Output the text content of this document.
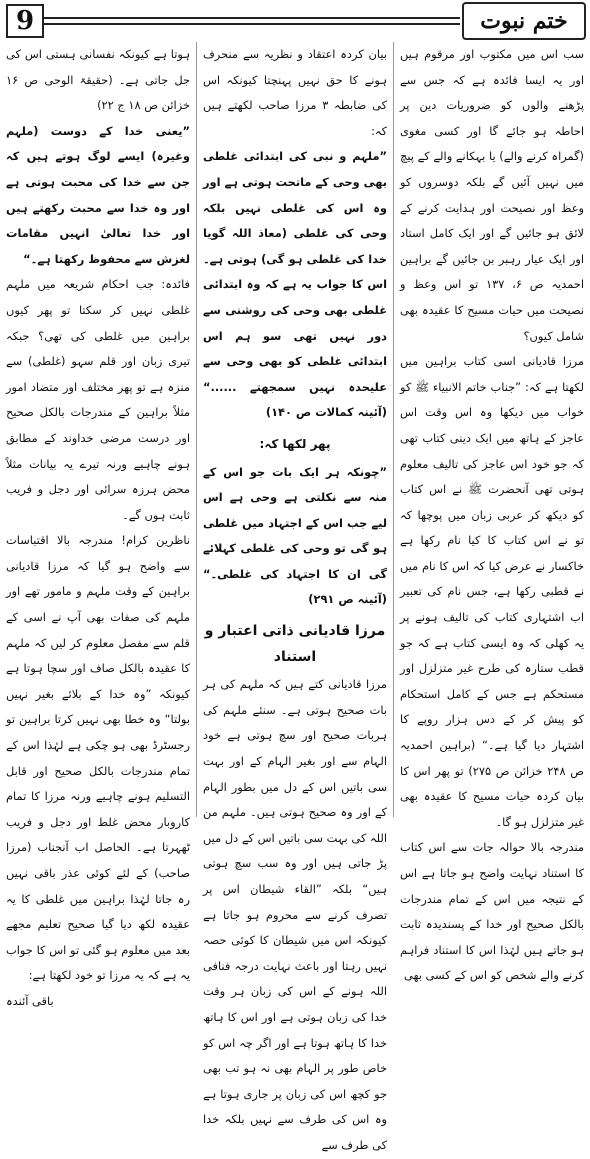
9	ختم نبوت

سب اس میں مکتوب اور مرقوم ہیں اور یہ ایسا فائدہ ہے کہ جس سے پڑھنے والوں کو ضروریات دین پر احاطہ ہو جائے گا اور کسی مغوی (گمراہ کرنے والے) یا بہکانے والے کے پیچ میں نہیں آئیں گے بلکہ دوسروں کو وعظ اور نصیحت اور ہدایت کرنے کے لائق ہو جائیں گے اور ایک کامل استاد اور ایک عیار رہبر بن جائیں گے براہین احمدیہ ص ۶، ۱۳۷ تو اس وعظ و نصیحت میں حیات مسیح کا عقیدہ بھی شامل کیوں؟

مرزا قادیانی اسی کتاب براہین میں لکھتا ہے کہ: ”جناب خاتم الانبیاء ﷺ کو خواب میں دیکھا وہ اس وقت اس عاجز کے ہاتھ میں ایک دینی کتاب تھی کہ جو خود اس عاجز کی تالیف معلوم ہوتی تھی آنحضرت ﷺ نے اس کتاب کو دیکھ کر عربی زبان میں پوچھا کہ تو نے اس کتاب کا کیا نام رکھا ہے خاکسار نے عرض کیا کہ اس کا نام میں نے قطبی رکھا ہے، جس نام کی تعبیر اب اشتہاری کتاب کی تالیف ہونے پر یہ کھلی کہ وہ ایسی کتاب ہے کہ جو قطب ستارہ کی طرح غیر متزلزل اور مستحکم ہے جس کے کامل استحکام کو پیش کر کے دس ہزار روپے کا اشتہار دیا گیا ہے۔“ (براہین احمدیہ ص ۲۴۸ خزائن ص ۲۷۵) تو پھر اس کا بیان کردہ حیات مسیح کا عقیدہ بھی غیر متزلزل ہو گا۔

مندرجہ بالا حوالہ جات سے اس کتاب کا استناد نہایت واضح ہو جاتا ہے اس کے نتیجہ میں اس کے تمام مندرجات بالکل صحیح اور خدا کے پسندیدہ ثابت ہو جاتے ہیں لہٰذا اس کا استناد فراہم کرنے والے شخص کو اس کے کسی بھی

بیان کردہ اعتقاد و نظریہ سے منحرف ہونے کا حق نہیں پہنچتا کیونکہ اس کی ضابطہ ۳ مرزا صاحب لکھتے ہیں کہ:

”ملہم و نبی کی ابتدائی غلطی بھی وحی کے ماتحت ہوتی ہے اور وہ اس کی غلطی نہیں بلکہ وحی کی غلطی (معاذ اللہ گویا خدا کی غلطی ہو گی) ہوتی ہے۔ اس کا جواب یہ ہے کہ وہ ابتدائی غلطی بھی وحی کی روشنی سے دور نہیں تھی سو ہم اس ابتدائی غلطی کو بھی وحی سے علیحدہ نہیں سمجھتے ......“ (آئینہ کمالات ص ۱۴۰)

پھر لکھا کہ:

”چونکہ ہر ایک بات جو اس کے منہ سے نکلتی ہے وحی ہے اس لیے جب اس کے اجتہاد میں غلطی ہو گی تو وحی کی غلطی کہلائے گی ان کا اجتہاد کی غلطی۔“ (آئینہ ص ۲۹۱)

مرزا قادیانی ذاتی اعتبار و استناد

مرزا قادیانی کتے ہیں کہ ملہم کی ہر بات صحیح ہوتی ہے۔ سنئے ملہم کی ہربات صحیح اور سچ ہوتی ہے خود الہام سے اور بغیر الہام کے اور بہت سی باتیں اس کے دل میں بطور الہام کے اور وہ صحیح ہوتی ہیں۔ ملہم من اللہ کی بہت سی باتیں اس کے دل میں پڑ جاتی ہیں اور وہ سب سچ ہوتی ہیں“ بلکہ ”القاء شیطان اس پر تصرف کرنے سے محروم ہو جاتا ہے کیونکہ اس میں شیطان کا کوئی حصہ نہیں رہتا اور باعث نہایت درجہ فنافی اللہ ہونے کے اس کی زبان ہر وقت خدا کی زبان ہوتی ہے اور اس کا ہاتھ خدا کا ہاتھ ہوتا ہے اور اگر چہ اس کو خاص طور پر الہام بھی نہ ہو تب بھی جو کچھ اس کی زبان پر جاری ہوتا ہے وہ اس کی طرف سے نہیں بلکہ خدا کی طرف سے

ہوتا ہے کیونکہ نفسانی ہستی اس کی جل جاتی ہے۔ (حقیقۃ الوحی ص ۱۶ خزائن ص ۱۸ ج ۲۲)

”یعنی خدا کے دوست (ملہم وغیرہ) ایسے لوگ ہوتے ہیں کہ جن سے خدا کی محبت ہوتی ہے اور وہ خدا سے محبت رکھتے ہیں اور خدا تعالیٰ انہیں مقامات لغزش سے محفوظ رکھتا ہے۔“

فائدہ: جب احکام شریعہ میں ملہم غلطی نہیں کر سکتا تو پھر کیوں براہین میں غلطی کی تھی؟ جبکہ تیری زبان اور قلم سہو (غلطی) سے منزہ ہے تو پھر مختلف اور متضاد امور مثلاً براہین کے مندرجات بالکل صحیح اور درست مرضی خداوند کے مطابق ہونے چاہیے ورنہ تیرے یہ بیانات مثلاً محض ہرزہ سرائی اور دجل و فریب ثابت ہوں گے۔

ناظرین کرام! مندرجہ بالا اقتباسات سے واضح ہو گیا کہ مرزا قادیانی براہین کے وقت ملہم و مامور تھے اور ملہم کی صفات بھی آپ نے اسی کے قلم سے مفصل معلوم کر لیں کہ ملہم کا عقیدہ بالکل صاف اور سچا ہوتا ہے کیونکہ ”وہ خدا کے بلائے بغیر نہیں بولتا“ وہ خطا بھی نہیں کرتا براہین تو رجسٹرڈ بھی ہو چکی ہے لہٰذا اس کے تمام مندرجات بالکل صحیح اور قابل التسلیم ہونے چاہیے ورنہ مرزا کا تمام کاروبار محض غلط اور دجل و فریب ٹھہرتا ہے۔ الحاصل اب آنجناب (مرزا صاحب) کے لئے کوئی عذر باقی نہیں رہ جاتا لہٰذا براہین میں غلطی کا یہ عقیدہ لکھ دیا گیا صحیح تعلیم مجھے بعد میں معلوم ہو گئی تو اس کا جواب یہ ہے کہ یہ مرزا تو خود لکھتا ہے:

باقی آئندہ
